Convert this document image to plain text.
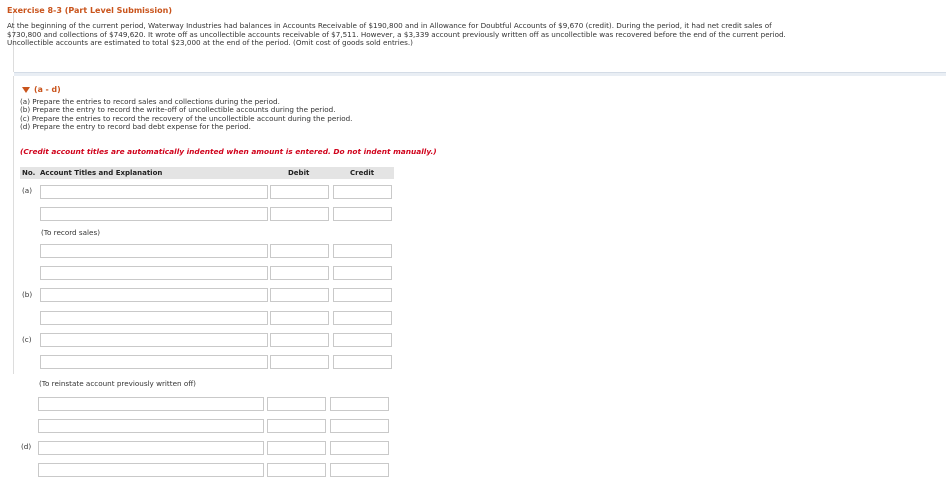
Exercise 8-3 (Part Level Submission)
At the beginning of the current period, Waterway Industries had balances in Accounts Receivable of $190,800 and in Allowance for Doubtful Accounts of $9,670 (credit). During the period, it had net credit sales of
$730,800 and collections of $749,620. It wrote off as uncollectible accounts receivable of $7,511. However, a $3,339 account previously written off as uncollectible was recovered before the end of the current period.
Uncollectible accounts are estimated to total $23,000 at the end of the period. (Omit cost of goods sold entries.)
(a - d)
(a) Prepare the entries to record sales and collections during the period.
(b) Prepare the entry to record the write-off of uncollectible accounts during the period.
(c) Prepare the entries to record the recovery of the uncollectible account during the period.
(d) Prepare the entry to record bad debt expense for the period.
(Credit account titles are automatically indented when amount is entered. Do not indent manually.)
No. Account Titles and Explanation	Debit	Credit
(a)
(To record sales)
(b)
(c)
(To reinstate account previously written off)
(d)
